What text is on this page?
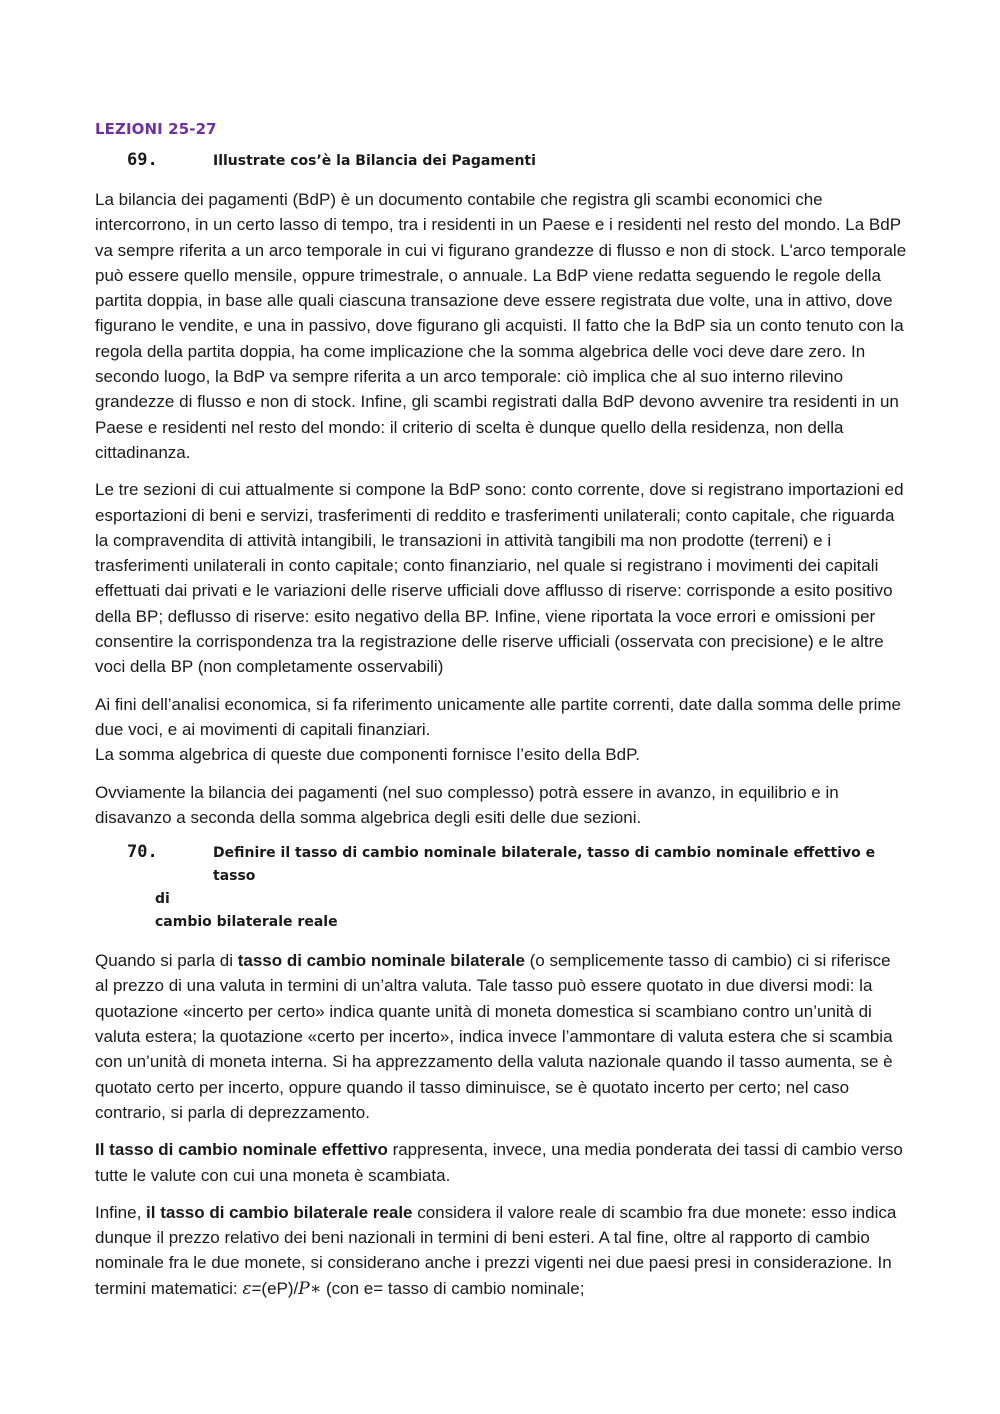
LEZIONI 25-27
69.	Illustrate cos’è la Bilancia dei Pagamenti

La bilancia dei pagamenti (BdP) è un documento contabile che registra gli scambi economici che intercorrono, in un certo lasso di tempo, tra i residenti in un Paese e i residenti nel resto del mondo. La BdP va sempre riferita a un arco temporale in cui vi figurano grandezze di flusso e non di stock. L'arco temporale può essere quello mensile, oppure trimestrale, o annuale. La BdP viene redatta seguendo le regole della partita doppia, in base alle quali ciascuna transazione deve essere registrata due volte, una in attivo, dove figurano le vendite, e una in passivo, dove figurano gli acquisti. Il fatto che la BdP sia un conto tenuto con la regola della partita doppia, ha come implicazione che la somma algebrica delle voci deve dare zero. In secondo luogo, la BdP va sempre riferita a un arco temporale: ciò implica che al suo interno rilevino grandezze di flusso e non di stock. Infine, gli scambi registrati dalla BdP devono avvenire tra residenti in un Paese e residenti nel resto del mondo: il criterio di scelta è dunque quello della residenza, non della cittadinanza.

Le tre sezioni di cui attualmente si compone la BdP sono: conto corrente, dove si registrano importazioni ed esportazioni di beni e servizi, trasferimenti di reddito e trasferimenti unilaterali; conto capitale, che riguarda la compravendita di attività intangibili, le transazioni in attività tangibili ma non prodotte (terreni) e i trasferimenti unilaterali in conto capitale; conto finanziario, nel quale si registrano i movimenti dei capitali effettuati dai privati e le variazioni delle riserve ufficiali dove afflusso di riserve: corrisponde a esito positivo della BP; deflusso di riserve: esito negativo della BP. Infine, viene riportata la voce errori e omissioni per consentire la corrispondenza tra la registrazione delle riserve ufficiali (osservata con precisione) e le altre voci della BP (non completamente osservabili)

Ai fini dell’analisi economica, si fa riferimento unicamente alle partite correnti, date dalla somma delle prime due voci, e ai movimenti di capitali finanziari.
La somma algebrica di queste due componenti fornisce l’esito della BdP.

Ovviamente la bilancia dei pagamenti (nel suo complesso) potrà essere in avanzo, in equilibrio e in disavanzo a seconda della somma algebrica degli esiti delle due sezioni.

70.	Definire il tasso di cambio nominale bilaterale, tasso di cambio nominale effettivo e tasso
di
cambio bilaterale reale

Quando si parla di tasso di cambio nominale bilaterale (o semplicemente tasso di cambio) ci si riferisce al prezzo di una valuta in termini di un’altra valuta. Tale tasso può essere quotato in due diversi modi: la quotazione «incerto per certo» indica quante unità di moneta domestica si scambiano contro un’unità di valuta estera; la quotazione «certo per incerto», indica invece l’ammontare di valuta estera che si scambia con un’unità di moneta interna. Si ha apprezzamento della valuta nazionale quando il tasso aumenta, se è quotato certo per incerto, oppure quando il tasso diminuisce, se è quotato incerto per certo; nel caso contrario, si parla di deprezzamento.

Il tasso di cambio nominale effettivo rappresenta, invece, una media ponderata dei tassi di cambio verso tutte le valute con cui una moneta è scambiata.

Infine, il tasso di cambio bilaterale reale considera il valore reale di scambio fra due monete: esso indica dunque il prezzo relativo dei beni nazionali in termini di beni esteri. A tal fine, oltre al rapporto di cambio nominale fra le due monete, si considerano anche i prezzi vigenti nei due paesi presi in considerazione. In termini matematici: ε=(eP)/P∗ (con e= tasso di cambio nominale;
